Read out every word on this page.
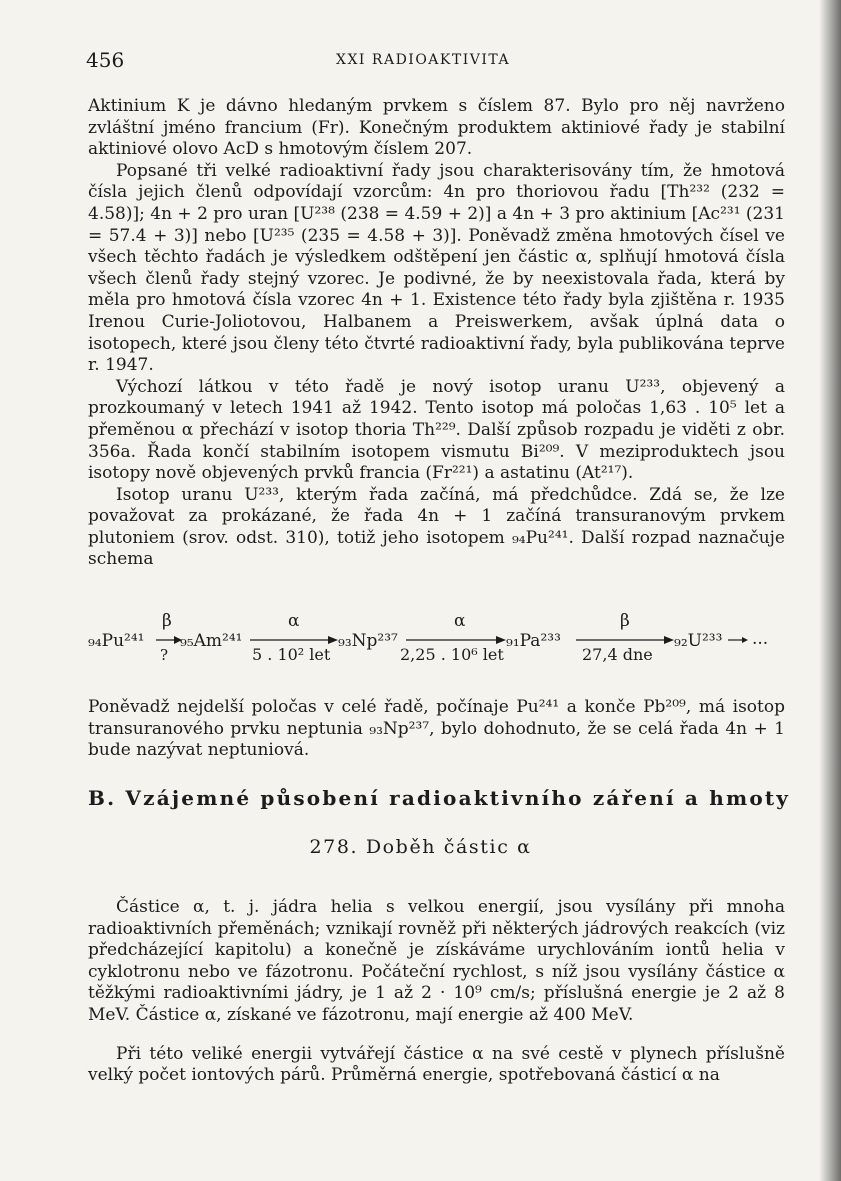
456	XXI RADIOAKTIVITA

Aktinium K je dávno hledaným prvkem s číslem 87. Bylo pro něj navrženo zvláštní jméno francium (Fr). Konečným produktem aktiniové řady je stabilní aktiniové olovo AcD s hmotovým číslem 207.

Popsané tři velké radioaktivní řady jsou charakterisovány tím, že hmotová čísla jejich členů odpovídají vzorcům: 4n pro thoriovou řadu [Th²³² (232 = 4.58)]; 4n + 2 pro uran [U²³⁸ (238 = 4.59 + 2)] a 4n + 3 pro aktinium [Ac²³¹ (231 = 57.4 + 3)] nebo [U²³⁵ (235 = 4.58 + 3)]. Poněvadž změna hmotových čísel ve všech těchto řadách je výsledkem odštěpení jen částic α, splňují hmotová čísla všech členů řady stejný vzorec. Je podivné, že by neexistovala řada, která by měla pro hmotová čísla vzorec 4n + 1. Existence této řady byla zjištěna r. 1935 Irenou Curie-Joliotovou, Halbanem a Preiswerkem, avšak úplná data o isotopech, které jsou členy této čtvrté radioaktivní řady, byla publikována teprve r. 1947.

Výchozí látkou v této řadě je nový isotop uranu U²³³, objevený a prozkoumaný v letech 1941 až 1942. Tento isotop má poločas 1,63 . 10⁵ let a přeměnou α přechází v isotop thoria Th²²⁹. Další způsob rozpadu je viděti z obr. 356a. Řada končí stabilním isotopem vismutu Bi²⁰⁹. V meziproduktech jsou isotopy nově objevených prvků francia (Fr²²¹) a astatinu (At²¹⁷).

Isotop uranu U²³³, kterým řada začíná, má předchůdce. Zdá se, že lze považovat za prokázané, že řada 4n + 1 začíná transuranovým prvkem plutoniem (srov. odst. 310), totiž jeho isotopem ₉₄Pu²⁴¹. Další rozpad naznačuje schema

₉₄Pu²⁴¹
β
?
₉₅Am²⁴¹
α
5 . 10² let
₉₃Np²³⁷
α
2,25 . 10⁶ let
₉₁Pa²³³
β
27,4 dne
₉₂U²³³ ...

Poněvadž nejdelší poločas v celé řadě, počínaje Pu²⁴¹ a konče Pb²⁰⁹, má isotop transuranového prvku neptunia ₉₃Np²³⁷, bylo dohodnuto, že se celá řada 4n + 1 bude nazývat neptuniová.

B. Vzájemné působení radioaktivního záření a hmoty
278. Doběh částic α

Částice α, t. j. jádra helia s velkou energií, jsou vysílány při mnoha radioaktivních přeměnách; vznikají rovněž při některých jádrových reakcích (viz předcházející kapitolu) a konečně je získáváme urychlováním iontů helia v cyklotronu nebo ve fázotronu. Počáteční rychlost, s níž jsou vysílány částice α těžkými radioaktivními jádry, je 1 až 2 · 10⁹ cm/s; příslušná energie je 2 až 8 MeV. Částice α, získané ve fázotronu, mají energie až 400 MeV.

Při této veliké energii vytvářejí částice α na své cestě v plynech příslušně velký počet iontových párů. Průměrná energie, spotřebovaná částicí α na
